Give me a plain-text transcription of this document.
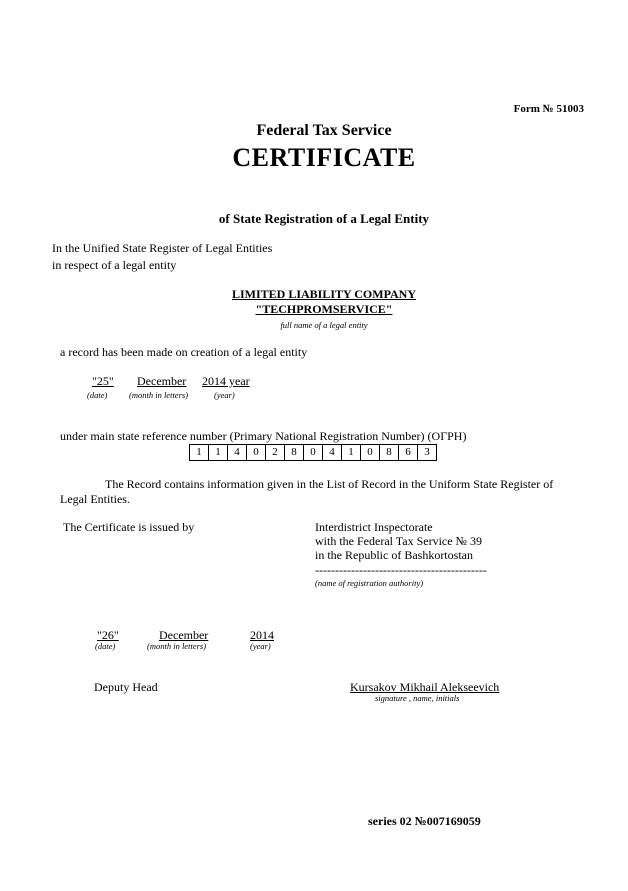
Form № 51003
Federal Tax Service
CERTIFICATE
of State Registration of a Legal Entity
In the Unified State Register of Legal Entities
in respect of a legal entity
LIMITED LIABILITY COMPANY
"TECHPROMSERVICE"
full name of a legal entity
a record has been made on creation of a legal entity
"25" December 2014 year
(date)	(month in letters)	(year)
under main state reference number (Primary National Registration Number) (ОГРН)
1	1	4	0	2	8	0	4	1	0	8	6	3
The Record contains information given in the List of Record in the Uniform State Register of
Legal Entities.
The Certificate is issued by	Interdistrict Inspectorate
with the Federal Tax Service № 39
in the Republic of Bashkortostan
-------------------------------------------
(name of registration authority)
"26"	December	2014
(date)	(month in letters)	(year)
Deputy Head	Kursakov Mikhail Alekseevich
signature , name, initials
series 02 №007169059
